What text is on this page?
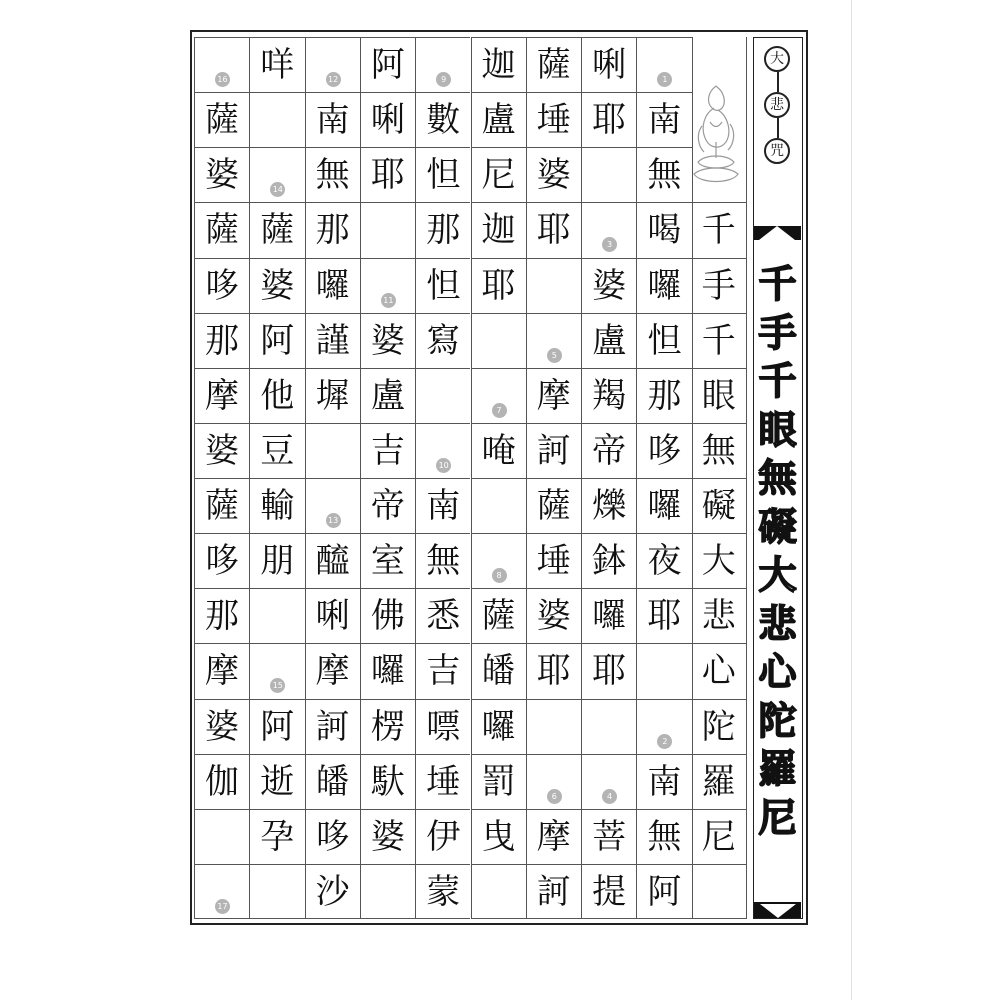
千
手
千
眼
無
礙
大
悲
心
陀
羅
尼
1
南
無
喝
囉
怛
那
哆
囉
夜
耶
2
南
無
阿
唎
耶
3
婆
盧
羯
帝
爍
鉢
囉
耶
4
菩
提
薩
埵
婆
耶
5
摩
訶
薩
埵
婆
耶
6
摩
訶
迦
盧
尼
迦
耶
7
唵
8
薩
皤
囉
罰
曳
9
數
怛
那
怛
寫
10
南
無
悉
吉
嘌
埵
伊
蒙
阿
唎
耶
11
婆
盧
吉
帝
室
佛
囉
楞
馱
婆
12
南
無
那
囉
謹
墀
13
醯
唎
摩
訶
皤
哆
沙
咩
14
薩
婆
阿
他
豆
輸
朋
15
阿
逝
孕
16
薩
婆
薩
哆
那
摩
婆
薩
哆
那
摩
婆
伽
17
大
悲
咒
千
手
千
眼
無
礙
大
悲
心
陀
羅
尼
